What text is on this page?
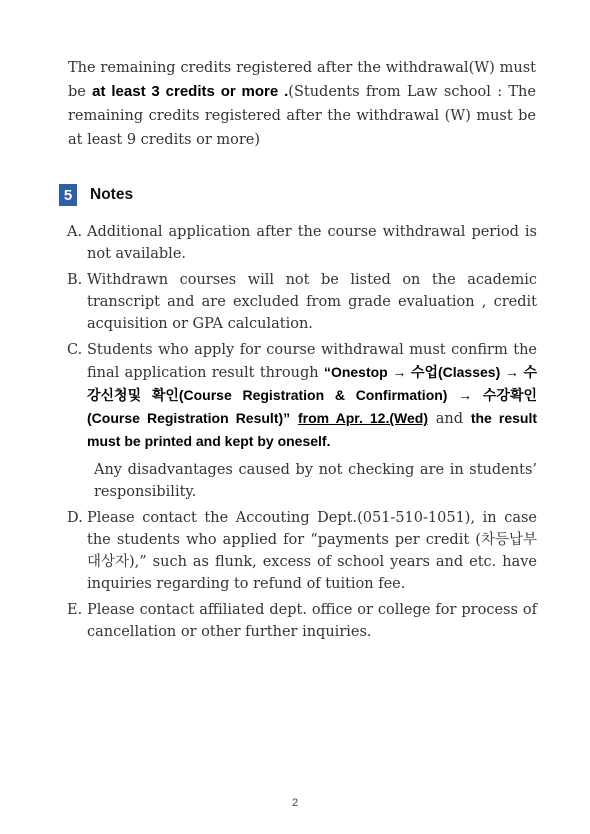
The remaining credits registered after the withdrawal(W) must be at least 3 credits or more .(Students from Law school : The remaining credits registered after the withdrawal (W) must be at least 9 credits or more)
5	Notes
A. Additional application after the course withdrawal period is not available.
B. Withdrawn courses will not be listed on the academic transcript and are excluded from grade evaluation , credit acquisition or GPA calculation.
C. Students who apply for course withdrawal must confirm the final application result through “Onestop → 수업(Classes) → 수강신청및 확인(Course Registration & Confirmation) → 수강확인(Course Registration Result)” from Apr. 12.(Wed) and the result must be printed and kept by oneself.

Any disadvantages caused by not checking are in students’ responsibility.

D. Please contact the Accouting Dept.(051-510-1051), in case the students who applied for “payments per credit (차등납부대상자),” such as flunk, excess of school years and etc. have inquiries regarding to refund of tuition fee.
E. Please contact affiliated dept. office or college for process of cancellation or other further inquiries.
2
